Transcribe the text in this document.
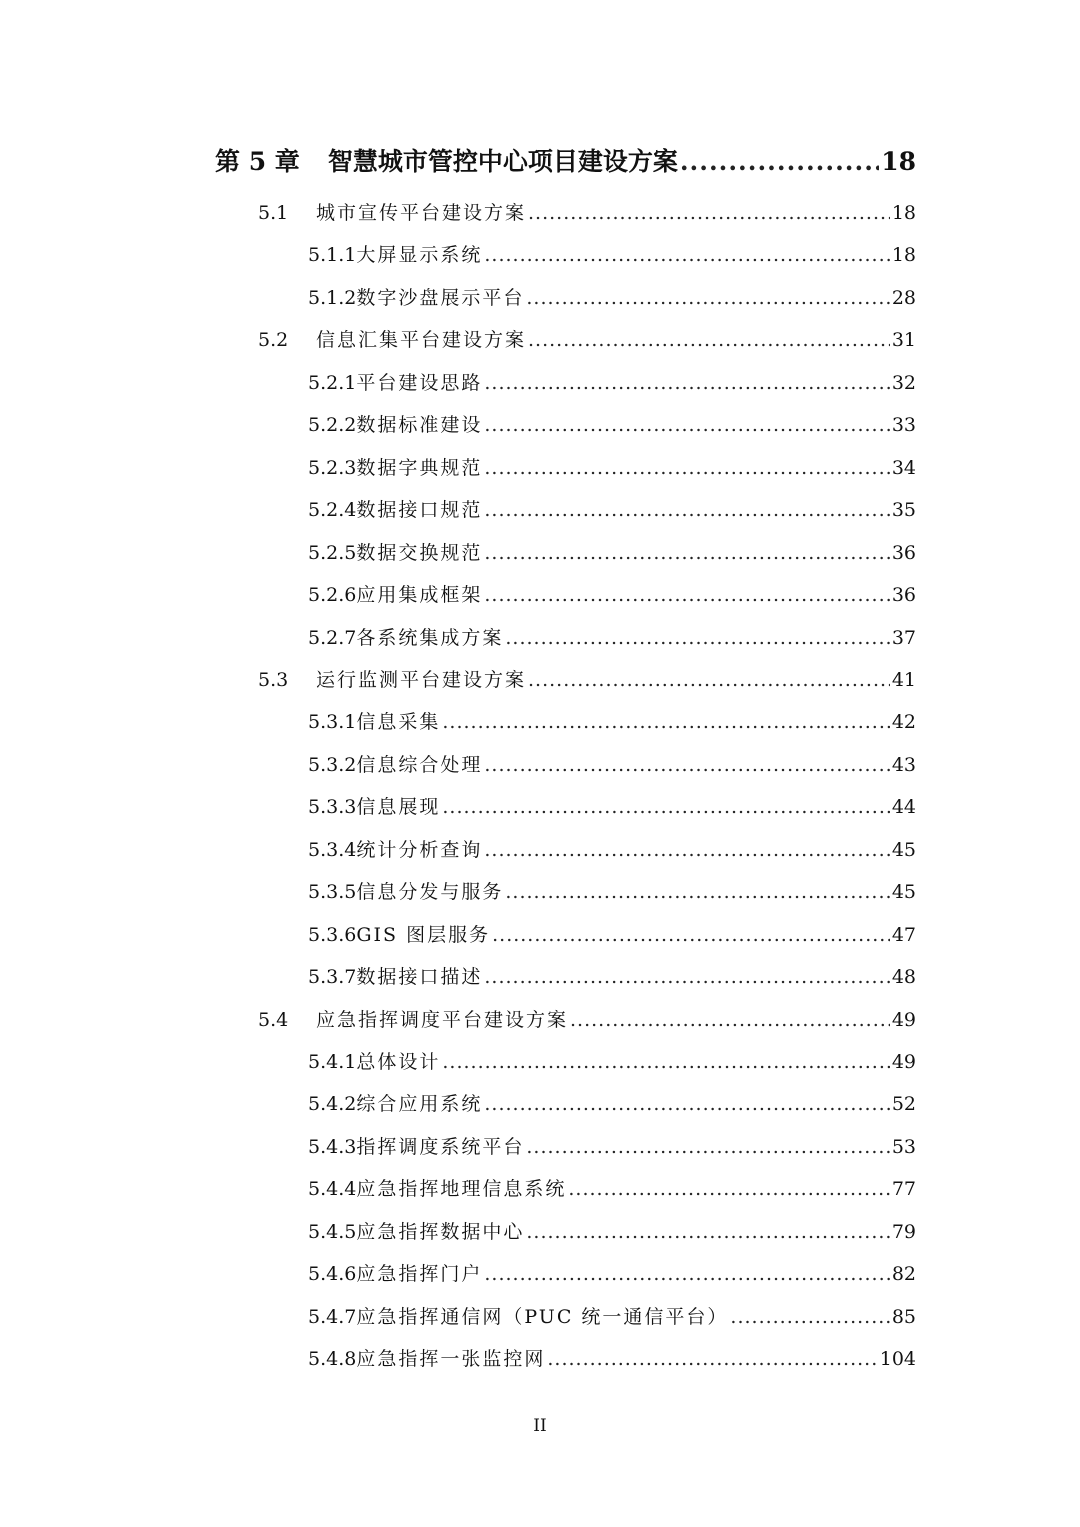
第 5 章 智慧城市管控中心项目建设方案 .....	18
5.1	城市宣传平台建设方案 .....	18
5.1.1 大屏显示系统 .....	18
5.1.2 数字沙盘展示平台 .....	28
5.2	信息汇集平台建设方案 .....	31
5.2.1 平台建设思路 .....	32
5.2.2 数据标准建设 .....	33
5.2.3 数据字典规范 .....	34
5.2.4 数据接口规范 .....	35
5.2.5 数据交换规范 .....	36
5.2.6 应用集成框架 .....	36
5.2.7 各系统集成方案 .....	37
5.3	运行监测平台建设方案 .....	41
5.3.1 信息采集 .....	42
5.3.2 信息综合处理 .....	43
5.3.3 信息展现 .....	44
5.3.4 统计分析查询 .....	45
5.3.5 信息分发与服务 .....	45
5.3.6 GIS 图层服务 .....	47
5.3.7 数据接口描述 .....	48
5.4	应急指挥调度平台建设方案 .....	49
5.4.1 总体设计 .....	49
5.4.2 综合应用系统 .....	52
5.4.3 指挥调度系统平台 .....	53
5.4.4 应急指挥地理信息系统 .....	77
5.4.5 应急指挥数据中心 .....	79
5.4.6 应急指挥门户 .....	82
5.4.7 应急指挥通信网（PUC 统一通信平台） .....	85
5.4.8 应急指挥一张监控网 .....	104
II
